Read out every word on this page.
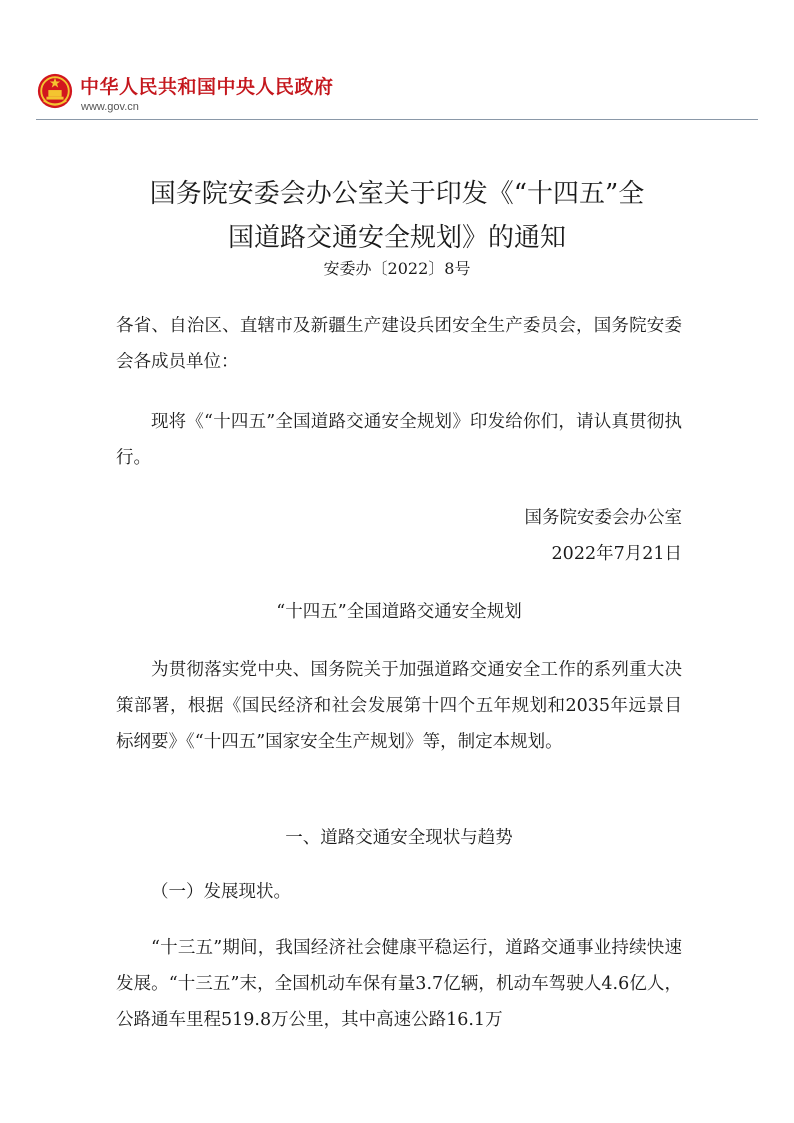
中华人民共和国中央人民政府
www.gov.cn
国务院安委会办公室关于印发《“十四五”全
国道路交通安全规划》的通知
安委办〔2022〕8号

各省、自治区、直辖市及新疆生产建设兵团安全生产委员会，国务院安委会各成员单位：

现将《“十四五”全国道路交通安全规划》印发给你们，请认真贯彻执行。

国务院安委会办公室

2022年7月21日

“十四五”全国道路交通安全规划

为贯彻落实党中央、国务院关于加强道路交通安全工作的系列重大决策部署，根据《国民经济和社会发展第十四个五年规划和2035年远景目标纲要》《“十四五”国家安全生产规划》等，制定本规划。

一、道路交通安全现状与趋势

（一）发展现状。

“十三五”期间，我国经济社会健康平稳运行，道路交通事业持续快速发展。“十三五”末，全国机动车保有量3.7亿辆，机动车驾驶人4.6亿人，公路通车里程519.8万公里，其中高速公路16.1万
